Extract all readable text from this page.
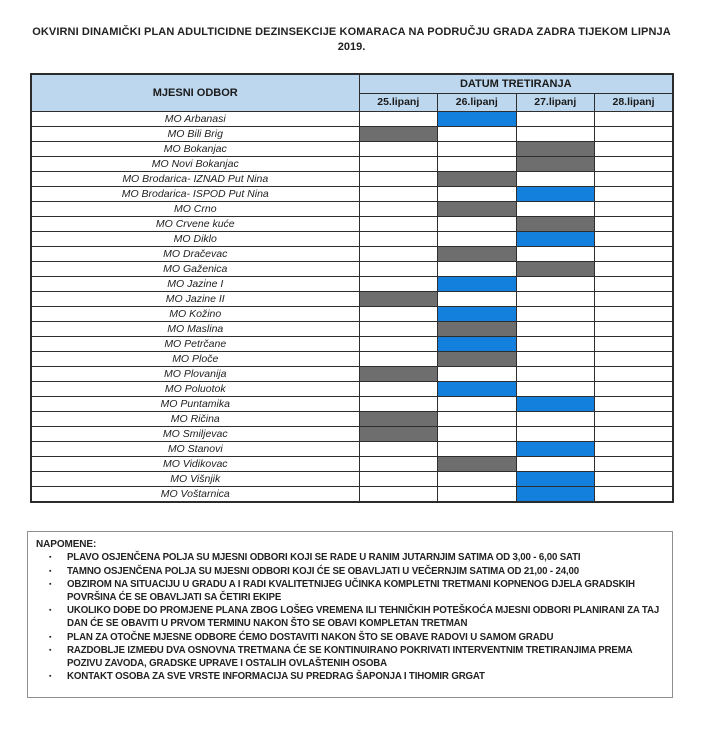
OKVIRNI DINAMIČKI PLAN ADULTICIDNE DEZINSEKCIJE KOMARACA NA PODRUČJU GRADA ZADRA TIJEKOM LIPNJA
2019.
MJESNI ODBOR	DATUM TRETIRANJA			
	25.lipanj	26.lipanj	27.lipanj	28.lipanj
MO Arbanasi				
MO Bili Brig				
MO Bokanjac				
MO Novi Bokanjac				
MO Brodarica- IZNAD Put Nina				
MO Brodarica- ISPOD Put Nina				
MO Crno				
MO Crvene kuće				
MO Diklo				
MO Dračevac				
MO Gaženica				
MO Jazine I				
MO Jazine II				
MO Kožino				
MO Maslina				
MO Petrčane				
MO Ploče				
MO Plovanija				
MO Poluotok				
MO Puntamika				
MO Ričina				
MO Smiljevac				
MO Stanovi				
MO Vidikovac				
MO Višnjik				
MO Voštarnica				
NAPOMENE:
▪	PLAVO OSJENČENA POLJA SU MJESNI ODBORI KOJI SE RADE U RANIM JUTARNJIM SATIMA OD 3,00 - 6,00 SATI
▪	TAMNO OSJENČENA POLJA SU MJESNI ODBORI KOJI ĆE SE OBAVLJATI U VEČERNJIM SATIMA OD 21,00 - 24,00
▪	OBZIROM NA SITUACIJU U GRADU A I RADI KVALITETNIJEG UČINKA KOMPLETNI TRETMANI KOPNENOG DJELA GRADSKIH POVRŠINA ĆE SE OBAVLJATI SA ČETIRI EKIPE
▪	UKOLIKO DOĐE DO PROMJENE PLANA ZBOG LOŠEG VREMENA ILI TEHNIČKIH POTEŠKOĆA MJESNI ODBORI PLANIRANI ZA TAJ DAN ĆE SE OBAVITI U PRVOM TERMINU NAKON ŠTO SE OBAVI KOMPLETAN TRETMAN
▪	PLAN ZA OTOČNE MJESNE ODBORE ĆEMO DOSTAVITI NAKON ŠTO SE OBAVE RADOVI U SAMOM GRADU
▪	RAZDOBLJE IZMEĐU DVA OSNOVNA TRETMANA ĆE SE KONTINUIRANO POKRIVATI INTERVENTNIM TRETIRANJIMA PREMA POZIVU ZAVODA, GRADSKE UPRAVE I OSTALIH OVLAŠTENIH OSOBA
▪	KONTAKT OSOBA ZA SVE VRSTE INFORMACIJA SU PREDRAG ŠAPONJA I TIHOMIR GRGAT
